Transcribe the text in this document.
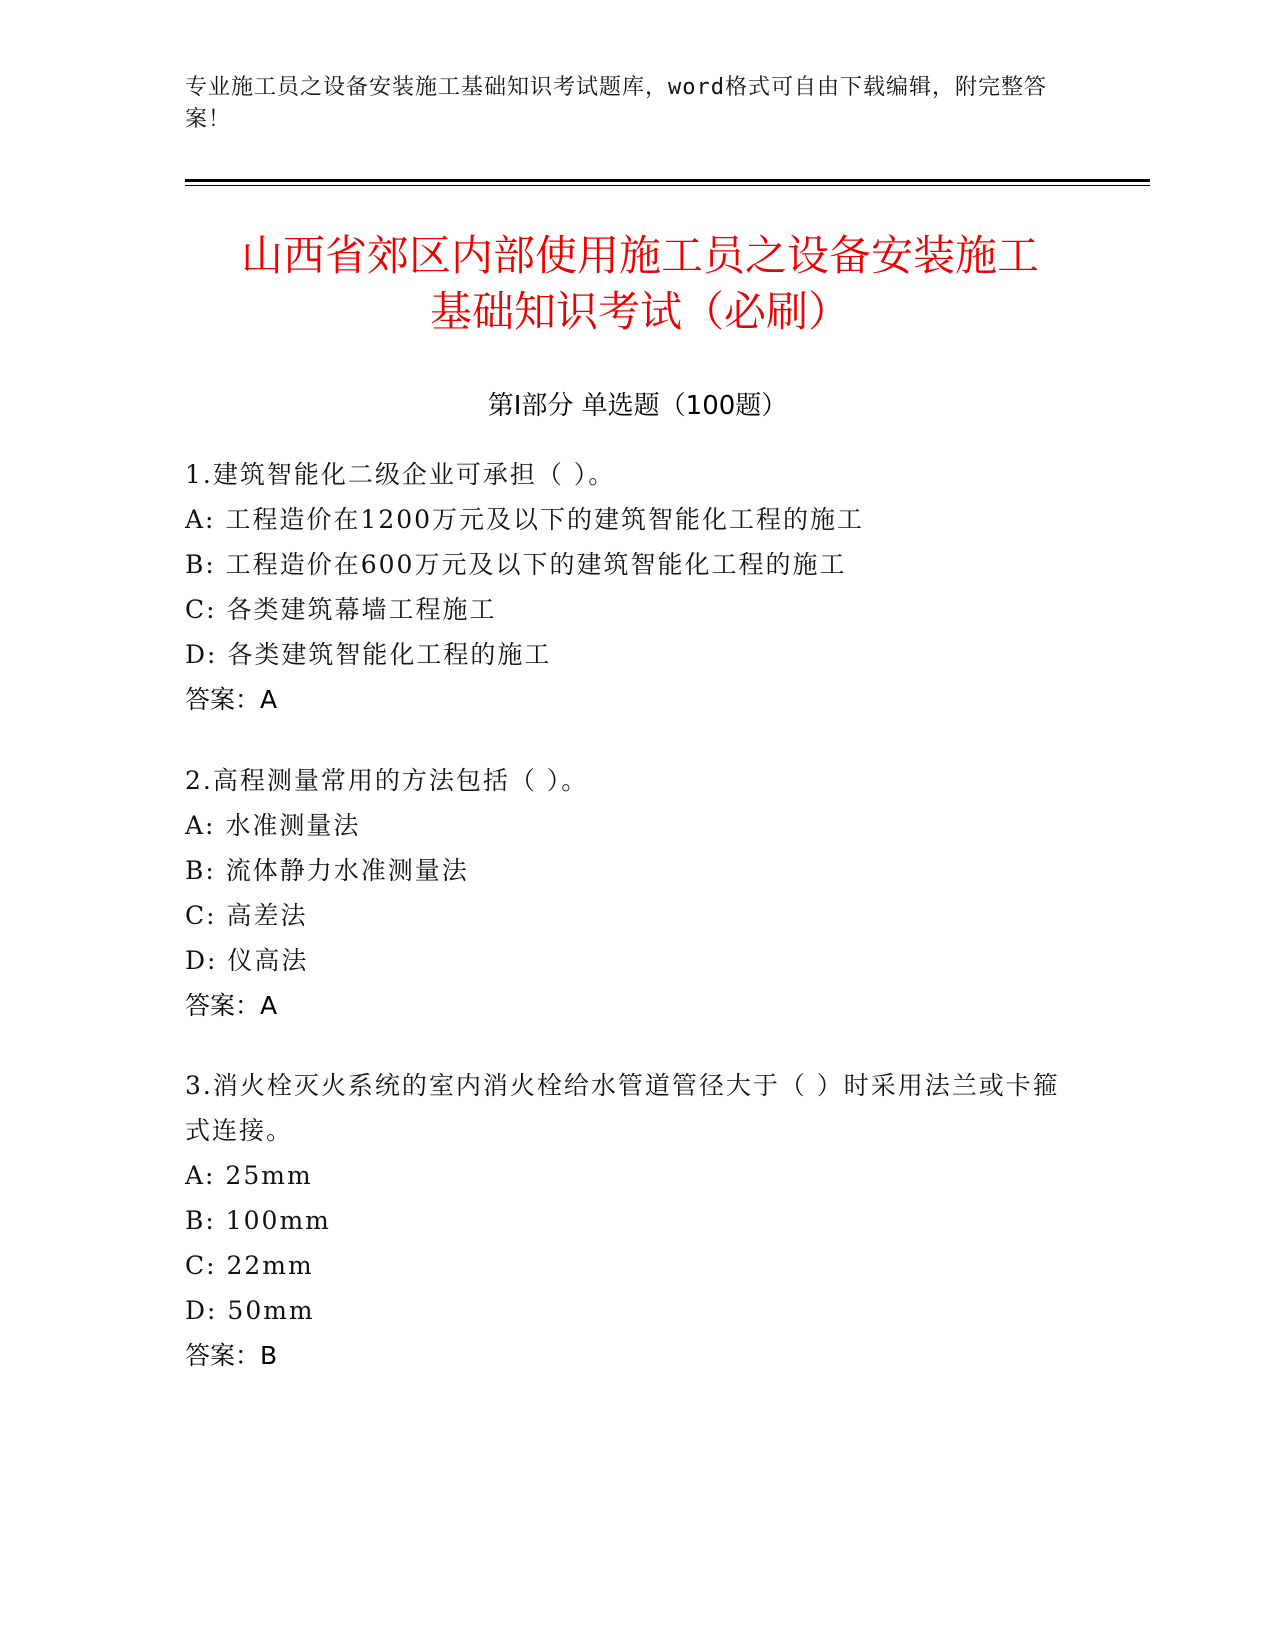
专业施工员之设备安装施工基础知识考试题库，word格式可自由下载编辑，附完整答案！
山西省郊区内部使用施工员之设备安装施工
基础知识考试（必刷）
第Ⅰ部分 单选题（100题）
1.建筑智能化二级企业可承担（ ）。
A: 工程造价在1200万元及以下的建筑智能化工程的施工
B: 工程造价在600万元及以下的建筑智能化工程的施工
C: 各类建筑幕墙工程施工
D: 各类建筑智能化工程的施工
答案：A
2.高程测量常用的方法包括（ ）。
A: 水准测量法
B: 流体静力水准测量法
C: 高差法
D: 仪高法
答案：A
3.消火栓灭火系统的室内消火栓给水管道管径大于（ ）时采用法兰或卡箍式连接。
A: 25mm
B: 100mm
C: 22mm
D: 50mm
答案：B
